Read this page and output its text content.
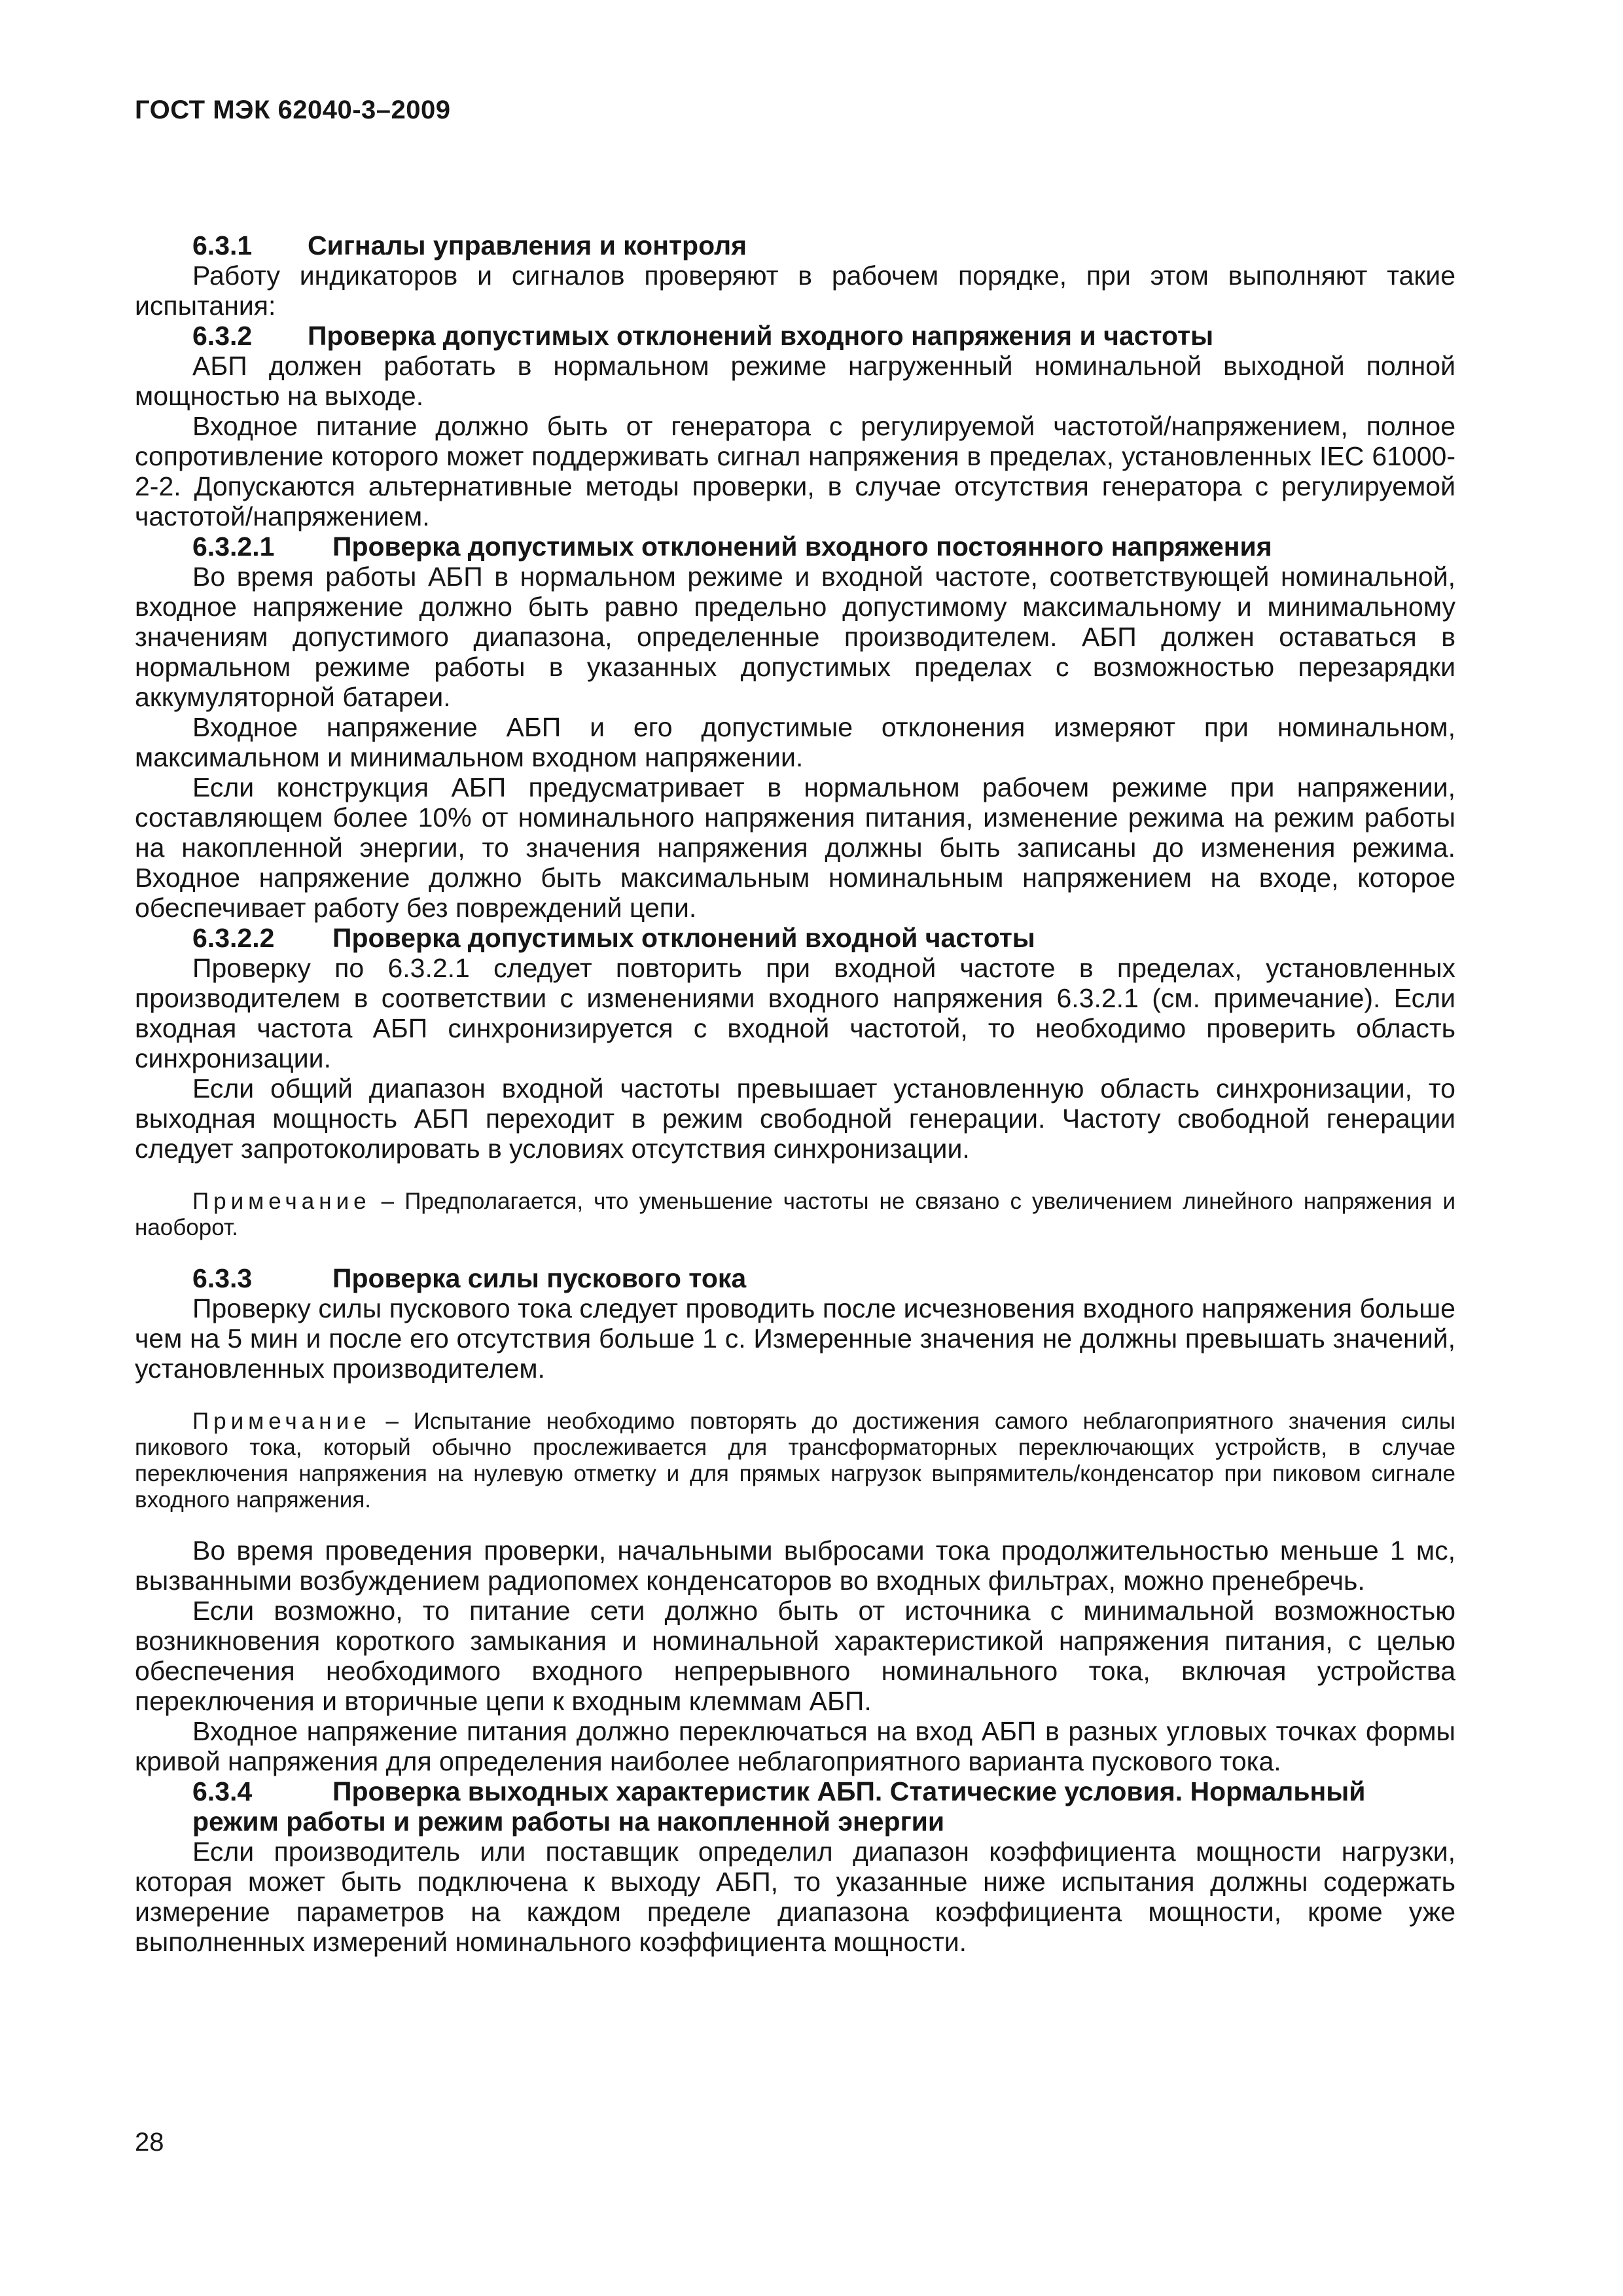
ГОСТ МЭК 62040-3–2009
6.3.1 Сигналы управления и контроля

Работу индикаторов и сигналов проверяют в рабочем порядке, при этом выполняют такие испытания:

6.3.2 Проверка допустимых отклонений входного напряжения и частоты

АБП должен работать в нормальном режиме нагруженный номинальной выходной полной мощностью на выходе.

Входное питание должно быть от генератора с регулируемой частотой/напряжением, полное сопротивление которого может поддерживать сигнал напряжения в пределах, установленных IEC 61000-2-2. Допускаются альтернативные методы проверки, в случае отсутствия генератора с регулируемой частотой/напряжением.

6.3.2.1 Проверка допустимых отклонений входного постоянного напряжения

Во время работы АБП в нормальном режиме и входной частоте, соответствующей номинальной, входное напряжение должно быть равно предельно допустимому максимальному и минимальному значениям допустимого диапазона, определенные производителем. АБП должен оставаться в нормальном режиме работы в указанных допустимых пределах с возможностью перезарядки аккумуляторной батареи.

Входное напряжение АБП и его допустимые отклонения измеряют при номинальном, максимальном и минимальном входном напряжении.

Если конструкция АБП предусматривает в нормальном рабочем режиме при напряжении, составляющем более 10% от номинального напряжения питания, изменение режима на режим работы на накопленной энергии, то значения напряжения должны быть записаны до изменения режима. Входное напряжение должно быть максимальным номинальным напряжением на входе, которое обеспечивает работу без повреждений цепи.

6.3.2.2 Проверка допустимых отклонений входной частоты

Проверку по 6.3.2.1 следует повторить при входной частоте в пределах, установленных производителем в соответствии с изменениями входного напряжения 6.3.2.1 (см. примечание). Если входная частота АБП синхронизируется с входной частотой, то необходимо проверить область синхронизации.

Если общий диапазон входной частоты превышает установленную область синхронизации, то выходная мощность АБП переходит в режим свободной генерации. Частоту свободной генерации следует запротоколировать в условиях отсутствия синхронизации.

Примечание – Предполагается, что уменьшение частоты не связано с увеличением линейного напряжения и наоборот.

6.3.3	Проверка силы пускового тока

Проверку силы пускового тока следует проводить после исчезновения входного напряжения больше чем на 5 мин и после его отсутствия больше 1 с. Измеренные значения не должны превышать значений, установленных производителем.

Примечание – Испытание необходимо повторять до достижения самого неблагоприятного значения силы пикового тока, который обычно прослеживается для трансформаторных переключающих устройств, в случае переключения напряжения на нулевую отметку и для прямых нагрузок выпрямитель/конденсатор при пиковом сигнале входного напряжения.

Во время проведения проверки, начальными выбросами тока продолжительностью меньше 1 мс, вызванными возбуждением радиопомех конденсаторов во входных фильтрах, можно пренебречь.

Если возможно, то питание сети должно быть от источника с минимальной возможностью возникновения короткого замыкания и номинальной характеристикой напряжения питания, с целью обеспечения необходимого входного непрерывного номинального тока, включая устройства переключения и вторичные цепи к входным клеммам АБП.

Входное напряжение питания должно переключаться на вход АБП в разных угловых точках формы кривой напряжения для определения наиболее неблагоприятного варианта пускового тока.

6.3.4	Проверка выходных характеристик АБП. Статические условия. Нормальный режим работы и режим работы на накопленной энергии

Если производитель или поставщик определил диапазон коэффициента мощности нагрузки, которая может быть подключена к выходу АБП, то указанные ниже испытания должны содержать измерение параметров на каждом пределе диапазона коэффициента мощности, кроме уже выполненных измерений номинального коэффициента мощности.

28
